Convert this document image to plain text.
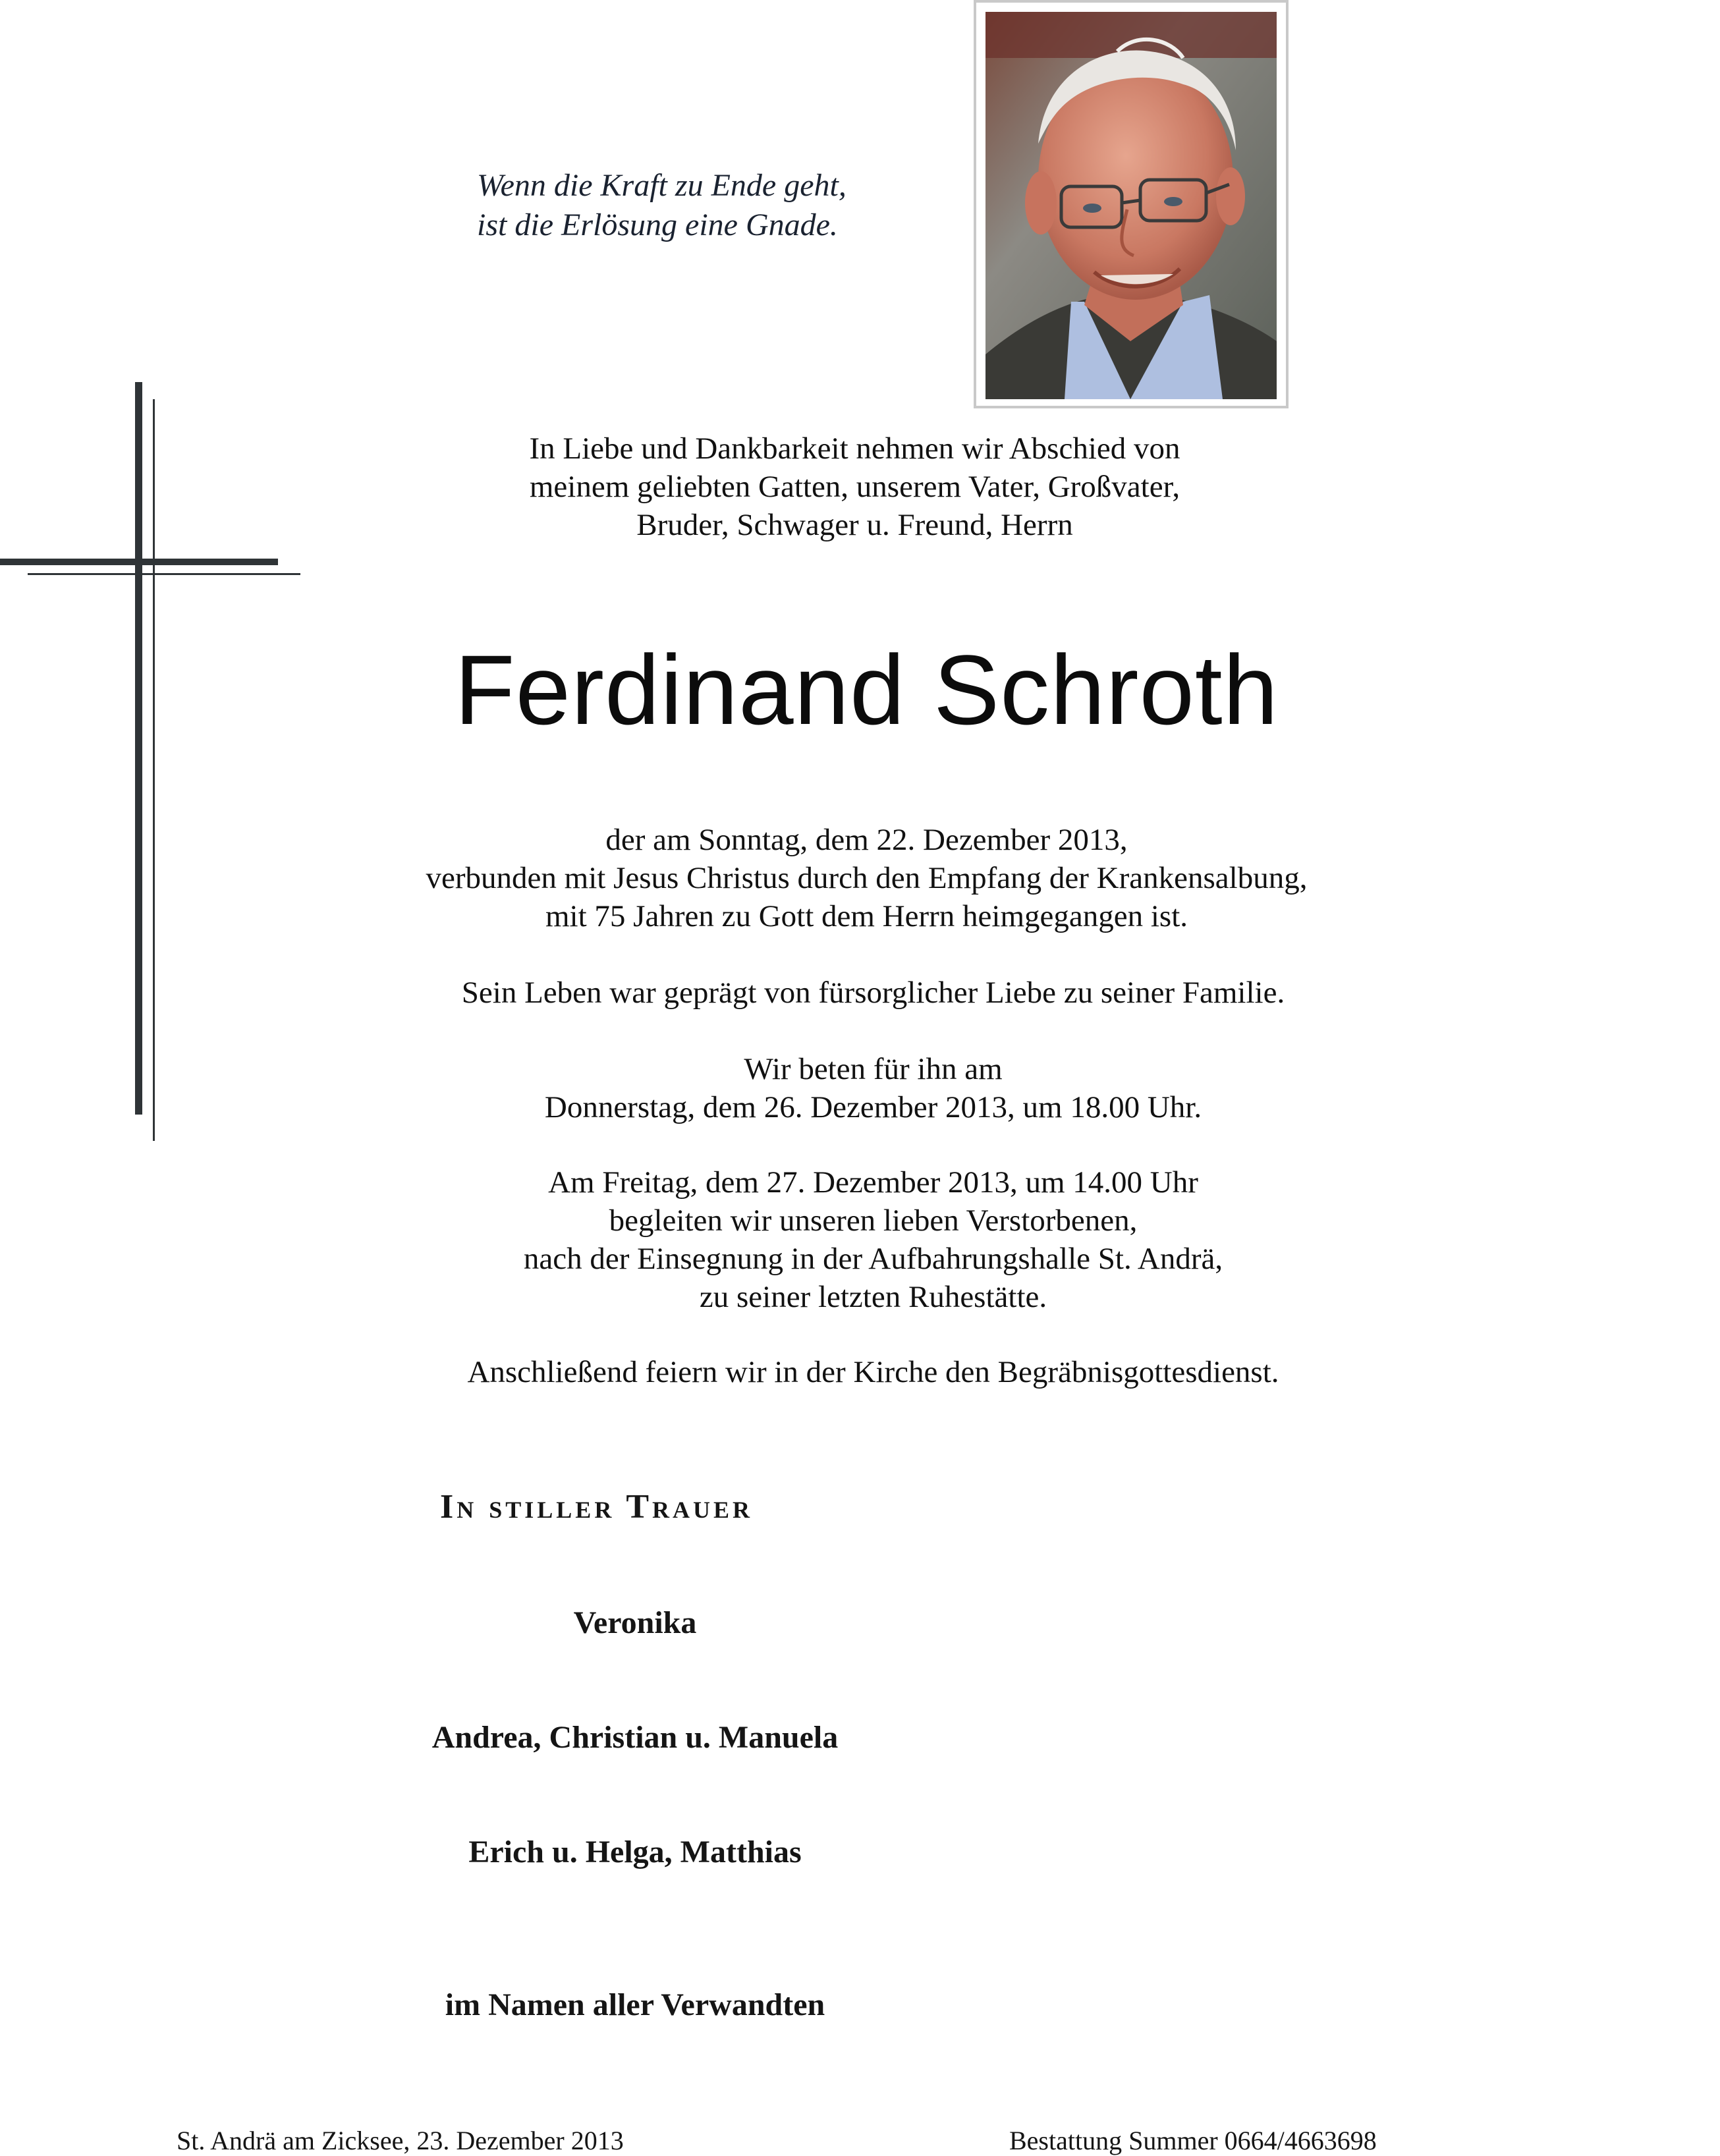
Wenn die Kraft zu Ende geht,
ist die Erlösung eine Gnade.
In Liebe und Dankbarkeit nehmen wir Abschied von
meinem geliebten Gatten, unserem Vater, Großvater,
Bruder, Schwager u. Freund, Herrn
Ferdinand Schroth
der am Sonntag, dem 22. Dezember 2013,
verbunden mit Jesus Christus durch den Empfang der Krankensalbung,
mit 75 Jahren zu Gott dem Herrn heimgegangen ist.
Sein Leben war geprägt von fürsorglicher Liebe zu seiner Familie.
Wir beten für ihn am
Donnerstag, dem 26. Dezember 2013, um 18.00 Uhr.
Am Freitag, dem 27. Dezember 2013, um 14.00 Uhr
begleiten wir unseren lieben Verstorbenen,
nach der Einsegnung in der Aufbahrungshalle St. Andrä,
zu seiner letzten Ruhestätte.
Anschließend feiern wir in der Kirche den Begräbnisgottesdienst.
In stiller Trauer
Veronika
Andrea, Christian u. Manuela
Erich u. Helga, Matthias
im Namen aller Verwandten
St. Andrä am Zicksee, 23. Dezember 2013	Bestattung Summer 0664/4663698
